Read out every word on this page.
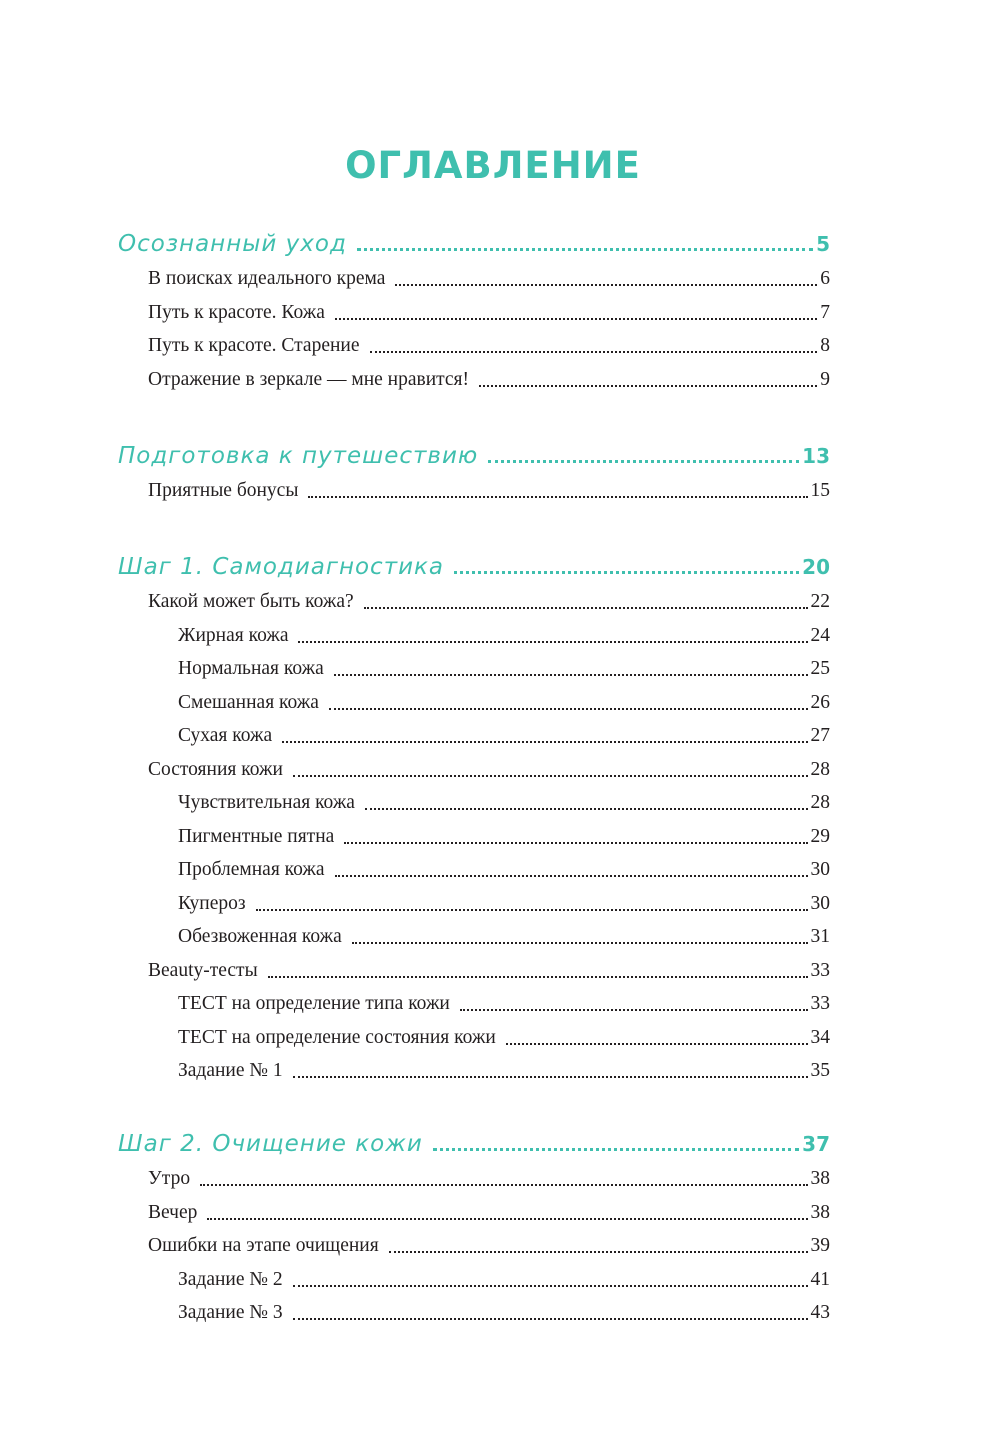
ОГЛАВЛЕНИЕ
Осознанный уход	5
В поисках идеального крема	6
Путь к красоте. Кожа	7
Путь к красоте. Старение	8
Отражение в зеркале — мне нравится!	9
Подготовка к путешествию	13
Приятные бонусы	15
Шаг 1. Самодиагностика	20
Какой может быть кожа?	22
Жирная кожа	24
Нормальная кожа	25
Смешанная кожа	26
Сухая кожа	27
Состояния кожи	28
Чувствительная кожа	28
Пигментные пятна	29
Проблемная кожа	30
Купероз	30
Обезвоженная кожа	31
Beauty-тесты	33
ТЕСТ на определение типа кожи	33
ТЕСТ на определение состояния кожи	34
Задание № 1	35
Шаг 2. Очищение кожи	37
Утро	38
Вечер	38
Ошибки на этапе очищения	39
Задание № 2	41
Задание № 3	43
